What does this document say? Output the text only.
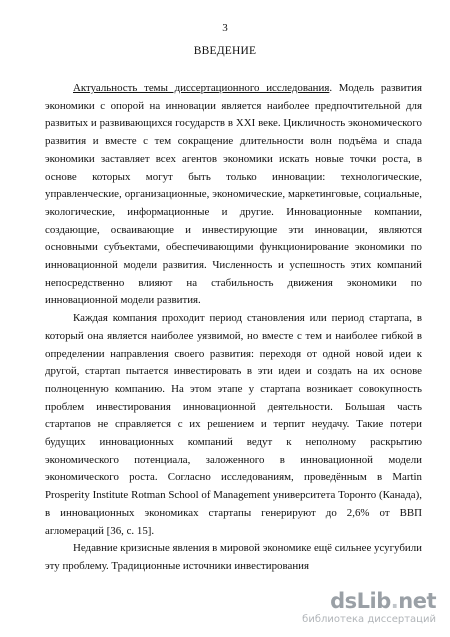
3
ВВЕДЕНИЕ

Актуальность темы диссертационного исследования. Модель развития экономики с опорой на инновации является наиболее предпочтительной для развитых и развивающихся государств в XXI веке. Цикличность экономического развития и вместе с тем сокращение длительности волн подъёма и спада экономики заставляет всех агентов экономики искать новые точки роста, в основе которых могут быть только инновации: технологические, управленческие, организационные, экономические, маркетинговые, социальные, экологические, информационные и другие. Инновационные компании, создающие, осваивающие и инвестирующие эти инновации, являются основными субъектами, обеспечивающими функционирование экономики по инновационной модели развития. Численность и успешность этих компаний непосредственно влияют на стабильность движения экономики по инновационной модели развития.

Каждая компания проходит период становления или период стартапа, в который она является наиболее уязвимой, но вместе с тем и наиболее гибкой в определении направления своего развития: переходя от одной новой идеи к другой, стартап пытается инвестировать в эти идеи и создать на их основе полноценную компанию. На этом этапе у стартапа возникает совокупность проблем инвестирования инновационной деятельности. Большая часть стартапов не справляется с их решением и терпит неудачу. Такие потери будущих инновационных компаний ведут к неполному раскрытию экономического потенциала, заложенного в инновационной модели экономического роста. Согласно исследованиям, проведённым в Martin Prosperity Institute Rotman School of Management университета Торонто (Канада), в инновационных экономиках стартапы генерируют до 2,6% от ВВП агломераций [36, с. 15].

Недавние кризисные явления в мировой экономике ещё сильнее усугубили эту проблему. Традиционные источники инвестирования

dsLib.net
библиотека диссертаций
